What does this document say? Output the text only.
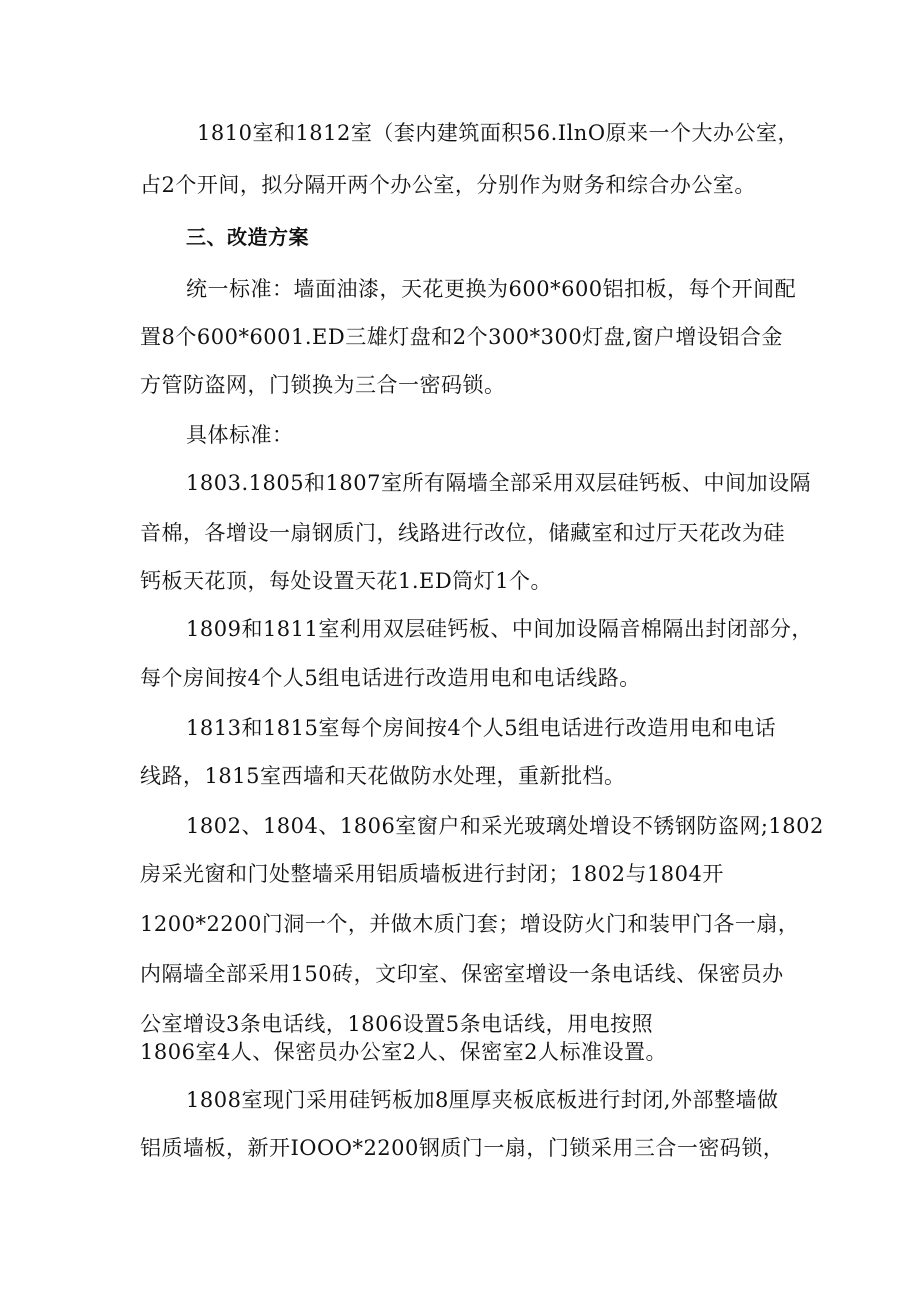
1810室和1812室（套内建筑面积56.IlnO原来一个大办公室，
占2个开间，拟分隔开两个办公室，分别作为财务和综合办公室。
三、改造方案
统一标准：墙面油漆，天花更换为600*600铝扣板，每个开间配
置8个600*6001.ED三雄灯盘和2个300*300灯盘,窗户增设铝合金
方管防盗网，门锁换为三合一密码锁。
具体标准：
1803.1805和1807室所有隔墙全部采用双层硅钙板、中间加设隔
音棉，各增设一扇钢质门，线路进行改位，储藏室和过厅天花改为硅
钙板天花顶，每处设置天花1.ED筒灯1个。
1809和1811室利用双层硅钙板、中间加设隔音棉隔出封闭部分，
每个房间按4个人5组电话进行改造用电和电话线路。
1813和1815室每个房间按4个人5组电话进行改造用电和电话
线路，1815室西墙和天花做防水处理，重新批档。
1802、1804、1806室窗户和采光玻璃处增设不锈钢防盗网;1802
房采光窗和门处整墙采用铝质墙板进行封闭；1802与1804开
1200*2200门洞一个，并做木质门套；增设防火门和装甲门各一扇，
内隔墙全部采用150砖，文印室、保密室增设一条电话线、保密员办
公室增设3条电话线，1806设置5条电话线，用电按照
1806室4人、保密员办公室2人、保密室2人标准设置。
1808室现门采用硅钙板加8厘厚夹板底板进行封闭,外部整墙做
铝质墙板，新开IOOO*2200钢质门一扇，门锁采用三合一密码锁，
